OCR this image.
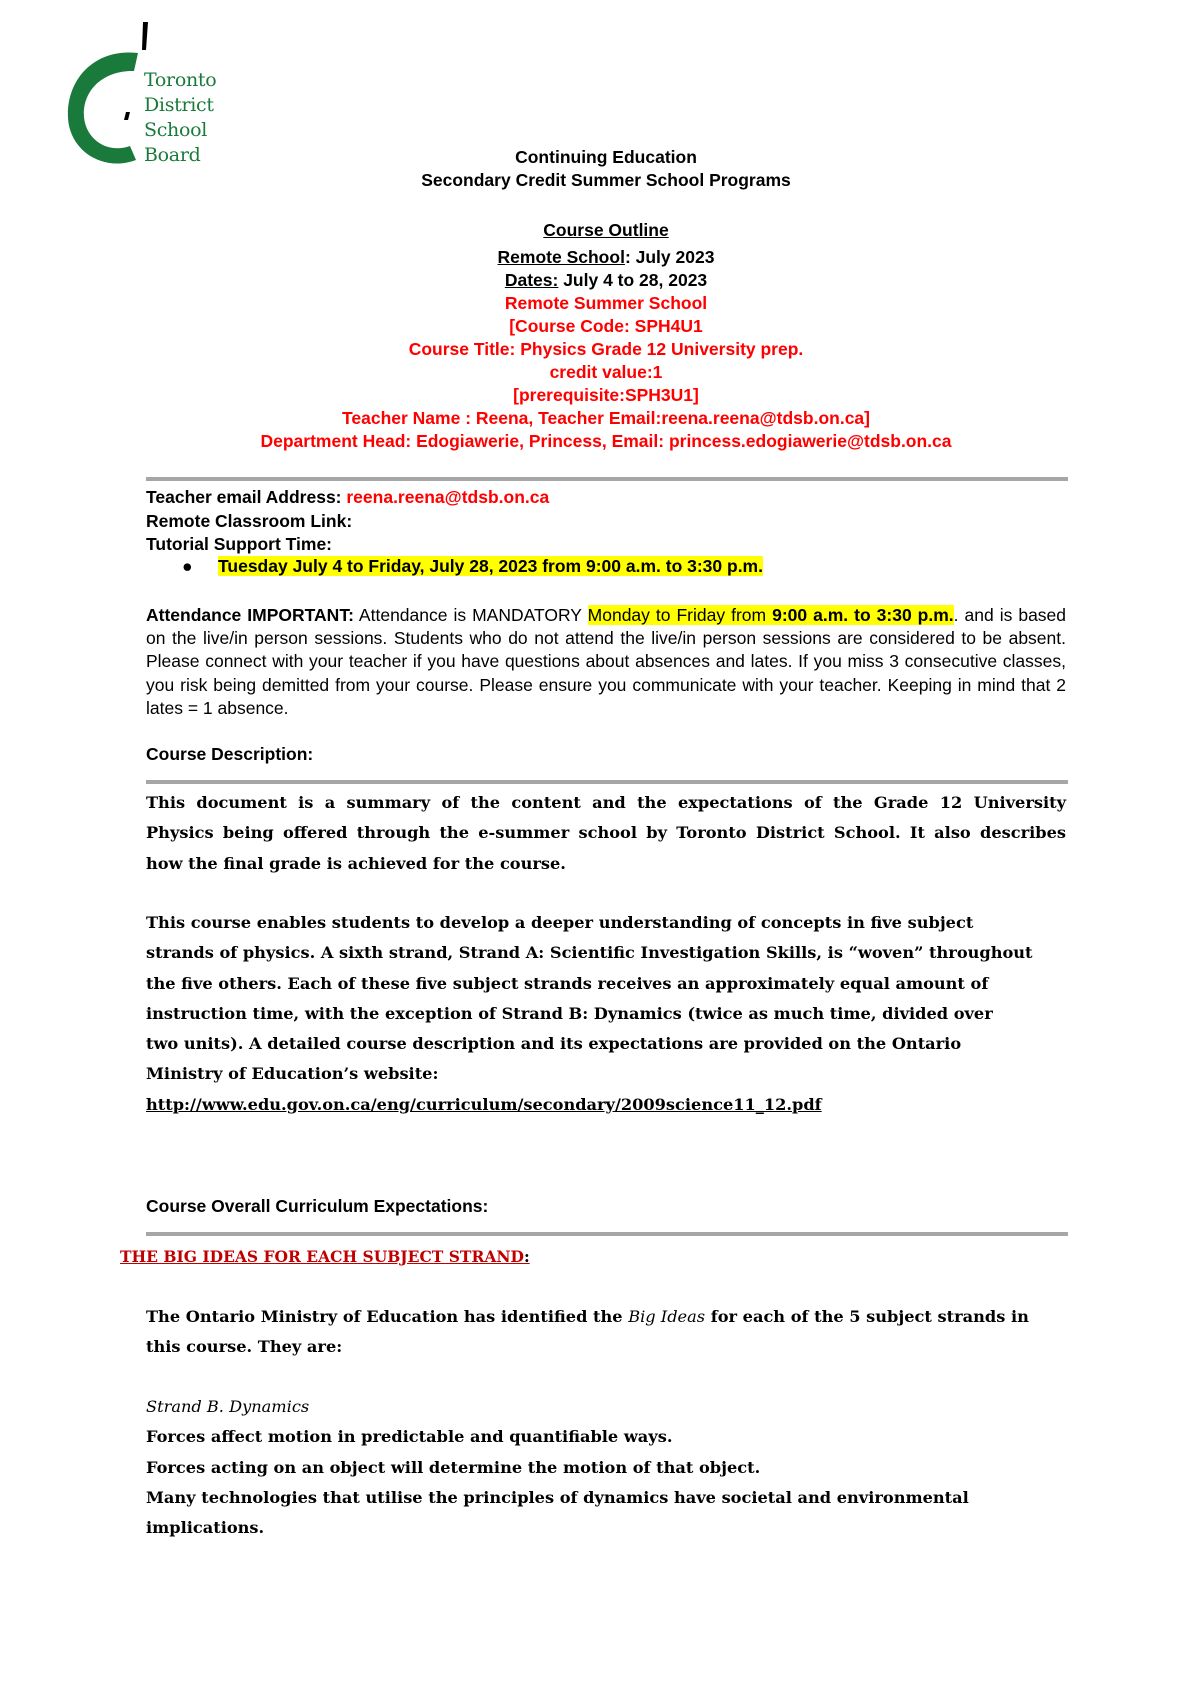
Toronto
District
School
Board	Continuing Education
Secondary Credit Summer School Programs

Course Outline
Remote School: July 2023
Dates: July 4 to 28, 2023
Remote Summer School
[Course Code: SPH4U1
Course Title: Physics Grade 12 University prep.
credit value:1
[prerequisite:SPH3U1]
Teacher Name : Reena, Teacher Email:reena.reena@tdsb.on.ca]
Department Head: Edogiawerie, Princess, Email: princess.edogiawerie@tdsb.on.ca
Teacher email Address: reena.reena@tdsb.on.ca
Remote Classroom Link:
Tutorial Support Time:
● Tuesday July 4 to Friday, July 28, 2023 from 9:00 a.m. to 3:30 p.m.
Attendance IMPORTANT: Attendance is MANDATORY Monday to Friday from 9:00 a.m. to 3:30 p.m.. and is based on the live/in person sessions. Students who do not attend the live/in person sessions are considered to be absent. Please connect with your teacher if you have questions about absences and lates. If you miss 3 consecutive classes, you risk being demitted from your course. Please ensure you communicate with your teacher. Keeping in mind that 2 lates = 1 absence.
Course Description:
This document is a summary of the content and the expectations of the Grade 12 University
Physics being offered through the e-summer school by Toronto District School. It also describes
how the final grade is achieved for the course.
This course enables students to develop a deeper understanding of concepts in five subject
strands of physics. A sixth strand, Strand A: Scientific Investigation Skills, is “woven” throughout
the five others. Each of these five subject strands receives an approximately equal amount of
instruction time, with the exception of Strand B: Dynamics (twice as much time, divided over
two units). A detailed course description and its expectations are provided on the Ontario
Ministry of Education’s website:
http://www.edu.gov.on.ca/eng/curriculum/secondary/2009science11_12.pdf
Course Overall Curriculum Expectations:
THE BIG IDEAS FOR EACH SUBJECT STRAND:
The Ontario Ministry of Education has identified the Big Ideas for each of the 5 subject strands in
this course. They are:
Strand B. Dynamics
Forces affect motion in predictable and quantifiable ways.
Forces acting on an object will determine the motion of that object.
Many technologies that utilise the principles of dynamics have societal and environmental
implications.
